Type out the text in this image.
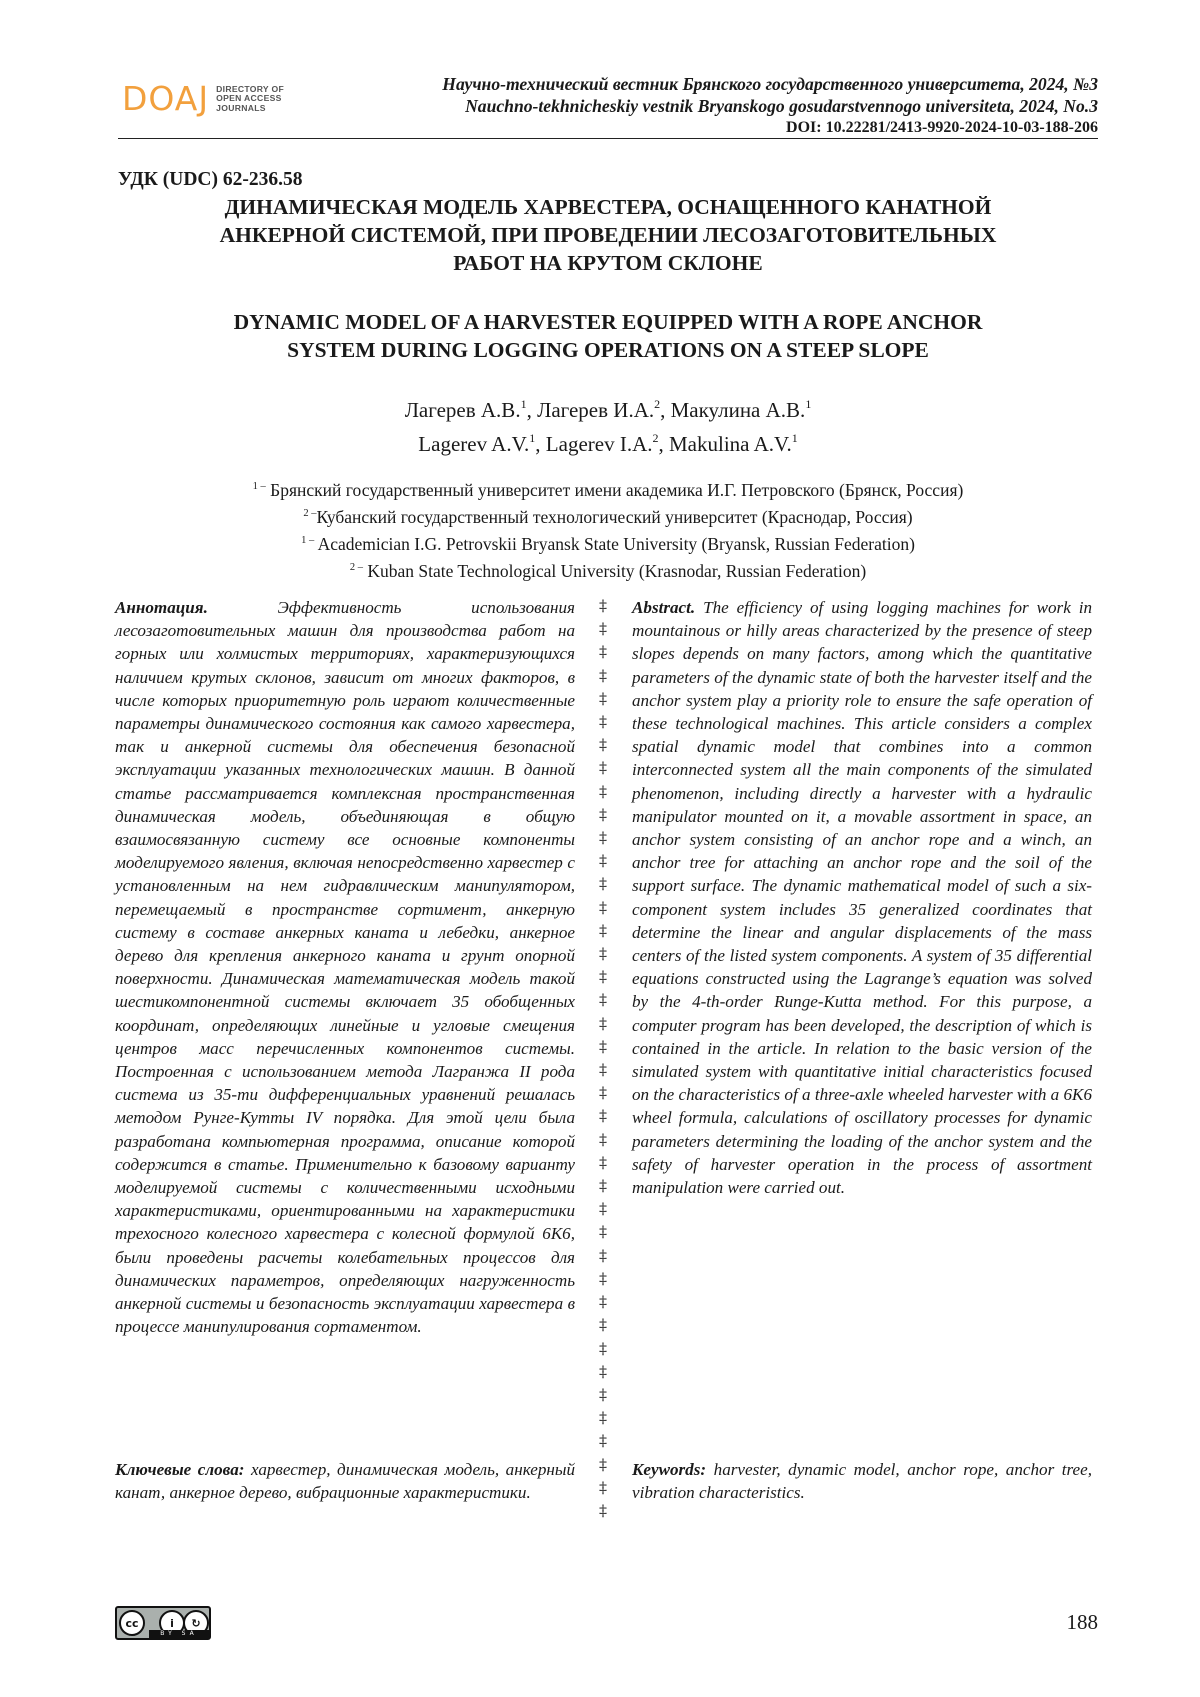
DOAJ DIRECTORY OF
OPEN ACCESS
JOURNALS
Научно-технический вестник Брянского государственного университета, 2024, №3
Nauchno-tekhnicheskiy vestnik Bryanskogo gosudarstvennogo universiteta, 2024, No.3
DOI: 10.22281/2413-9920-2024-10-03-188-206
УДК (UDC) 62-236.58
ДИНАМИЧЕСКАЯ МОДЕЛЬ ХАРВЕСТЕРА, ОСНАЩЕННОГО КАНАТНОЙ
АНКЕРНОЙ СИСТЕМОЙ, ПРИ ПРОВЕДЕНИИ ЛЕСОЗАГОТОВИТЕЛЬНЫХ
РАБОТ НА КРУТОМ СКЛОНЕ
DYNAMIC MODEL OF A HARVESTER EQUIPPED WITH A ROPE ANCHOR
SYSTEM DURING LOGGING OPERATIONS ON A STEEP SLOPE
Лагерев А.В.$^1$, Лагерев И.А.$^2$, Макулина А.В.$^1$
Lagerev A.V.$^1$, Lagerev I.A.$^2$, Makulina A.V.$^1$
$^{1 -}$ Брянский государственный университет имени академика И.Г. Петровского (Брянск, Россия)
$^{2 -}$Кубанский государственный технологический университет (Краснодар, Россия)
$^{1 -}$ Academician I.G. Petrovskii Bryansk State University (Bryansk, Russian Federation)
$^{2 -}$ Kuban State Technological University (Krasnodar, Russian Federation)
Аннотация.	Эффективность использования лесозаготовительных машин для производства работ на горных или холмистых территориях, характеризующихся наличием крутых склонов, зависит от многих факторов, в числе которых приоритетную роль играют количественные параметры динамического состояния как самого харвестера, так и анкерной системы для обеспечения безопасной эксплуатации указанных технологических машин. В данной статье рассматривается комплексная пространственная динамическая модель, объединяющая в общую взаимосвязанную систему все основные компоненты моделируемого явления, включая непосредственно харвестер с установленным на нем гидравлическим манипулятором, перемещаемый в пространстве сортимент, анкерную систему в составе анкерных каната и лебедки, анкерное дерево для крепления анкерного каната и грунт опорной поверхности. Динамическая математическая модель такой шестикомпонентной системы включает 35 обобщенных координат, определяющих линейные и угловые смещения центров масс перечисленных компонентов системы. Построенная с использованием метода Лагранжа II рода система из 35-ти дифференциальных уравнений решалась методом Рунге-Кутты IV порядка. Для этой цели была разработана компьютерная программа, описание которой содержится в статье. Применительно к базовому варианту моделируемой системы с количественными исходными характеристиками, ориентированными на характеристики трехосного колесного харвестера с колесной формулой 6К6, были проведены расчеты колебательных процессов для динамических параметров, определяющих нагруженность анкерной системы и безопасность эксплуатации харвестера в процессе манипулирования сортаментом.
Ключевые слова: харвестер, динамическая модель, анкерный канат, анкерное дерево, вибрационные характеристики.
‡
‡
‡
‡
‡
‡
‡
‡
‡
‡
‡
‡
‡
‡
‡
‡
‡
‡
‡
‡
‡
‡
‡
‡
‡
‡
‡
‡
‡
‡
‡
‡
‡
‡
‡
‡
‡
‡
‡
‡
Abstract. The efficiency of using logging machines for work in mountainous or hilly areas characterized by the presence of steep slopes depends on many factors, among which the quantitative parameters of the dynamic state of both the harvester itself and the anchor system play a priority role to ensure the safe operation of these technological machines. This article considers a complex spatial dynamic model that combines into a common interconnected system all the main components of the simulated phenomenon, including directly a harvester with a hydraulic manipulator mounted on it, a movable assortment in space, an anchor system consisting of an anchor rope and a winch, an anchor tree for attaching an anchor rope and the soil of the support surface. The dynamic mathematical model of such a six-component system includes 35 generalized coordinates that determine the linear and angular displacements of the mass centers of the listed system components. A system of 35 differential equations constructed using the Lagrange’s equation was solved by the 4-th-order Runge-Kutta method. For this purpose, a computer program has been developed, the description of which is contained in the article. In relation to the basic version of the simulated system with quantitative initial characteristics focused on the characteristics of a three-axle wheeled harvester with a 6K6 wheel formula, calculations of oscillatory processes for dynamic parameters determining the loading of the anchor system and the safety of harvester operation in the process of assortment manipulation were carried out.
Keywords: harvester, dynamic model, anchor rope, anchor tree, vibration characteristics.
cc	i	↻
BY SA	188
